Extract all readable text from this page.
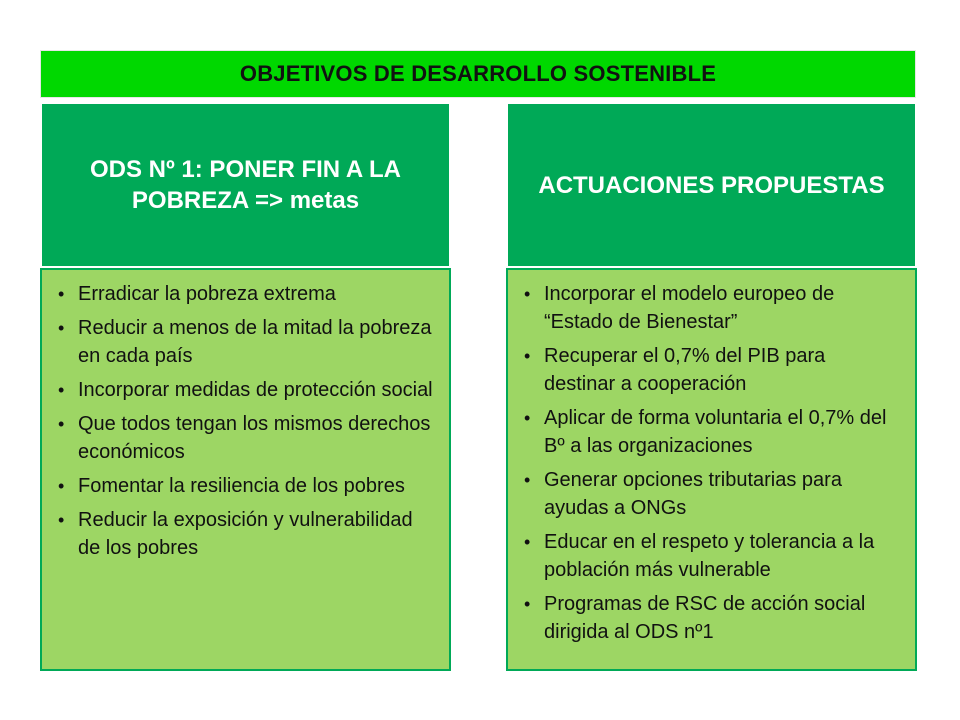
OBJETIVOS DE DESARROLLO SOSTENIBLE
ODS Nº 1: PONER FIN A LA
POBREZA => metas
• Erradicar la pobreza extrema
• Reducir a menos de la mitad la pobreza en cada país
• Incorporar medidas de protección social
• Que todos tengan los mismos derechos económicos
• Fomentar la resiliencia de los pobres
• Reducir la exposición y vulnerabilidad de los pobres
ACTUACIONES PROPUESTAS
• Incorporar el modelo europeo de “Estado de Bienestar”
• Recuperar el 0,7% del PIB para destinar a cooperación
• Aplicar de forma voluntaria el 0,7% del Bº a las organizaciones
• Generar opciones tributarias para ayudas a ONGs
• Educar en el respeto y tolerancia a la población más vulnerable
• Programas de RSC de acción social dirigida al ODS nº1
